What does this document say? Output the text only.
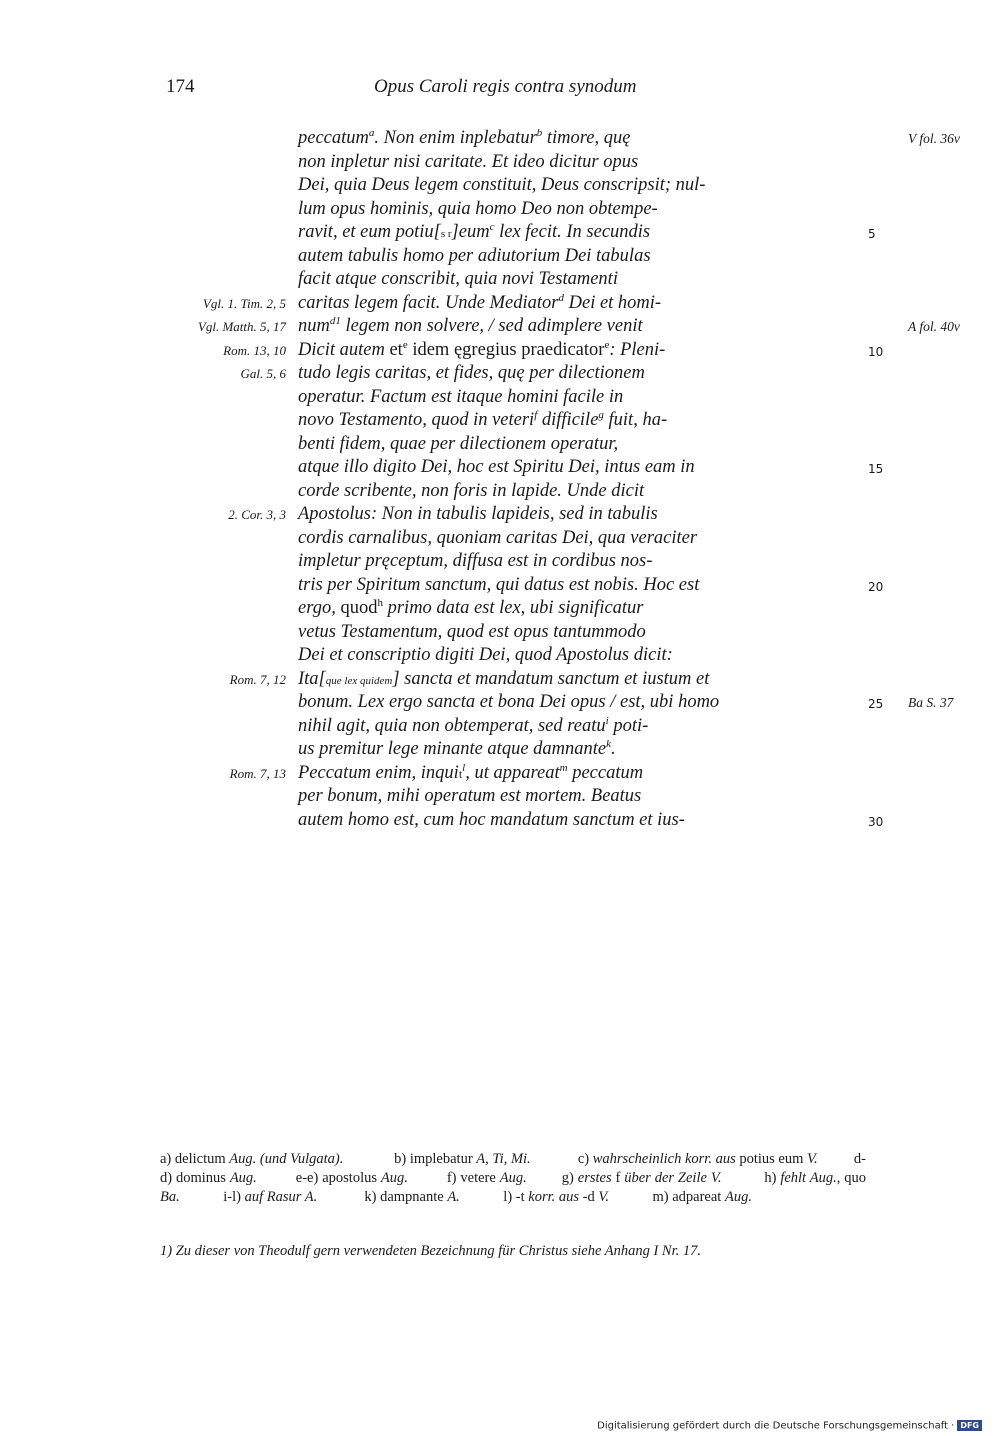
174	Opus Caroli regis contra synodum
peccatum$^a$. Non enim inplebatur$^b$ timore, quę	V fol. 36v
non inpletur nisi caritate. Et ideo dicitur opus
Dei, quia Deus legem constituit, Deus conscripsit; nul-
lum opus hominis, quia homo Deo non obtempe-
ravit, et eum potiu[s r]eum$^c$ lex fecit. In secundis	5
autem tabulis homo per adiutorium Dei tabulas
facit atque conscribit, quia novi Testamenti
caritas legem facit. Unde Mediator$^d$ Dei et homi-
Vgl. 1. Tim. 2, 5
num$^{d1}$ legem non solvere, / sed adimplere venit
Vgl. Matth. 5, 17	A fol. 40v
Dicit autem $et^e$ idem ęgregius praedicator$^e$: Pleni-
Rom. 13, 10	10
tudo legis caritas, et fides, quę per dilectionem
Gal. 5, 6
operatur. Factum est itaque homini facile in
novo Testamento, quod in veteri$^f$ difficile$^g$ fuit, ha-
benti fidem, quae per dilectionem operatur,
atque illo digito Dei, hoc est Spiritu Dei, intus eam in	15
corde scribente, non foris in lapide. Unde dicit
Apostolus: Non in tabulis lapideis, sed in tabulis
2. Cor. 3, 3
cordis carnalibus, quoniam caritas Dei, qua veraciter
impletur pręceptum, diffusa est in cordibus nos-
tris per Spiritum sanctum, qui datus est nobis. Hoc est	20
ergo, quod$^h$ primo data est lex, ubi significatur
vetus Testamentum, quod est opus tantummodo
Dei et conscriptio digiti Dei, quod Apostolus dicit:
Ita[que lex quidem] sancta et mandatum sanctum et iustum et
Rom. 7, 12
bonum. Lex ergo sancta et bona Dei opus / est, ubi homo	25	Ba S. 37
nihil agit, quia non obtemperat, sed reatu$^i$ poti-
us premitur lege minante atque damnante$^k$.
Peccatum enim, inquit$^l$, ut appareat$^m$ peccatum
Rom. 7, 13
per bonum, mihi operatum est mortem. Beatus
autem homo est, cum hoc mandatum sanctum et ius-	30
a) delictum Aug. (und Vulgata).              b) implebatur A, Ti, Mi.             c) wahrscheinlich korr. aus potius eum V.          d-d) dominus Aug.          e-e) apostolus Aug.          f) vetere Aug.         g) erstes f über der Zeile V.           h) fehlt Aug., quo Ba.            i-l) auf Rasur A.             k) dampnante A.            l) -t korr. aus -d V.            m) adpareat Aug.
1) Zu dieser von Theodulf gern verwendeten Bezeichnung für Christus siehe Anhang I Nr. 17.
Digitalisierung gefördert durch die Deutsche Forschungsgemeinschaft · DFG
